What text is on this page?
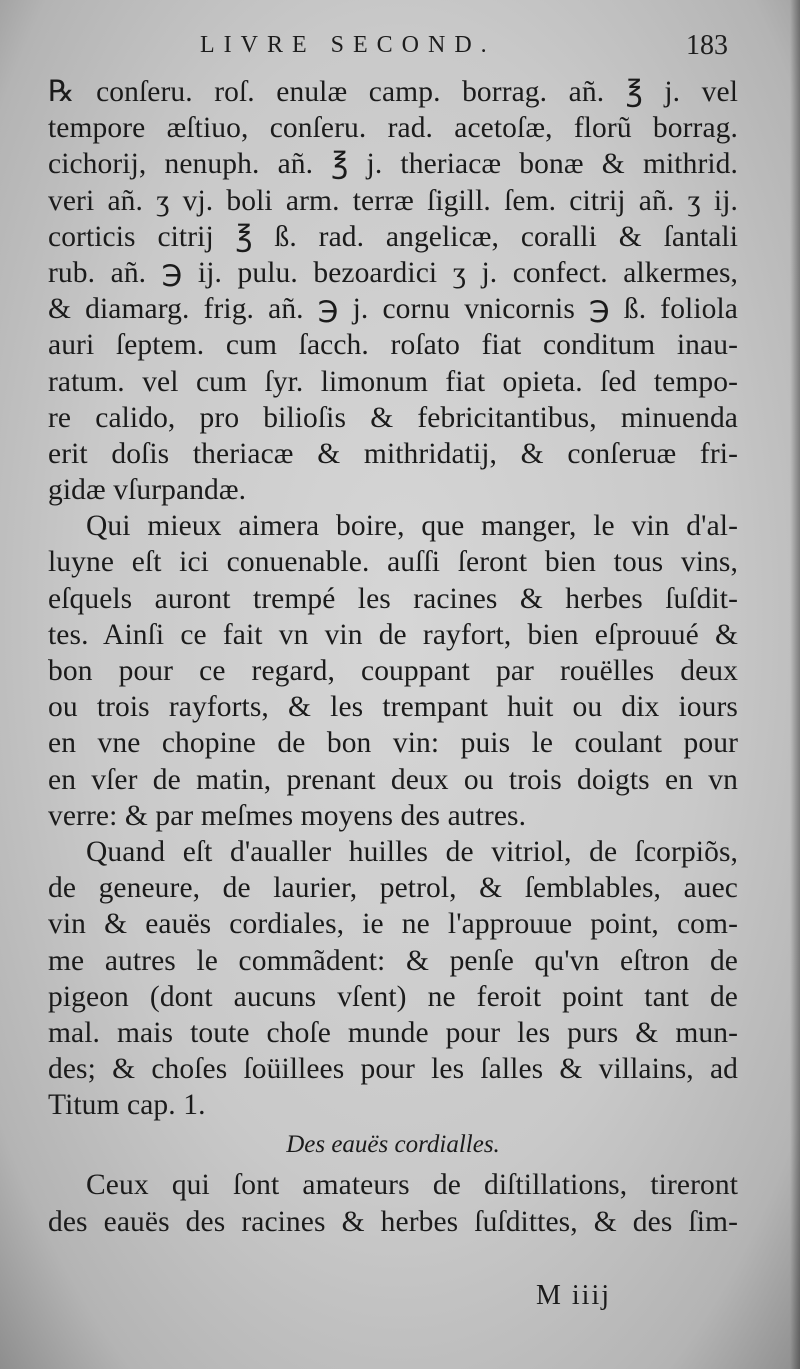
LIVRE SECOND.	183
℞ conſeru. roſ. enulæ camp. borrag. añ. ℥ j. vel
tempore æſtiuo, conſeru. rad. acetoſæ, florũ borrag.
cichorij, nenuph. añ. ℥ j. theriacæ bonæ & mithrid.
veri añ. ʒ vj. boli arm. terræ ſigill. ſem. citrij añ. ʒ ij.
corticis citrij ℥ ß. rad. angelicæ, coralli & ſantali
rub. añ. ℈ ij. pulu. bezoardici ʒ j. confect. alkermes,
& diamarg. frig. añ. ℈ j. cornu vnicornis ℈ ß. foliola
auri ſeptem. cum ſacch. roſato fiat conditum inau-
ratum. vel cum ſyr. limonum fiat opieta. ſed tempo-
re calido, pro bilioſis & febricitantibus, minuenda
erit doſis theriacæ & mithridatij, & conſeruæ fri-
gidæ vſurpandæ.
Qui mieux aimera boire, que manger, le vin d'al-
luyne eſt ici conuenable. auſſi ſeront bien tous vins,
eſquels auront trempé les racines & herbes ſuſdit-
tes. Ainſi ce fait vn vin de rayfort, bien eſprouué &
bon pour ce regard, couppant par rouëlles deux
ou trois rayforts, & les trempant huit ou dix iours
en vne chopine de bon vin: puis le coulant pour
en vſer de matin, prenant deux ou trois doigts en vn
verre: & par meſmes moyens des autres.
Quand eſt d'aualler huilles de vitriol, de ſcorpiõs,
de geneure, de laurier, petrol, & ſemblables, auec
vin & eauës cordiales, ie ne l'approuue point, com-
me autres le commãdent: & penſe qu'vn eſtron de
pigeon (dont aucuns vſent) ne feroit point tant de
mal. mais toute choſe munde pour les purs & mun-
des; & choſes ſoüillees pour les ſalles & villains, ad
Titum cap. 1.
Des eauës cordialles.
Ceux qui ſont amateurs de diſtillations, tireront
des eauës des racines & herbes ſuſdittes, & des ſim-
M iiij
